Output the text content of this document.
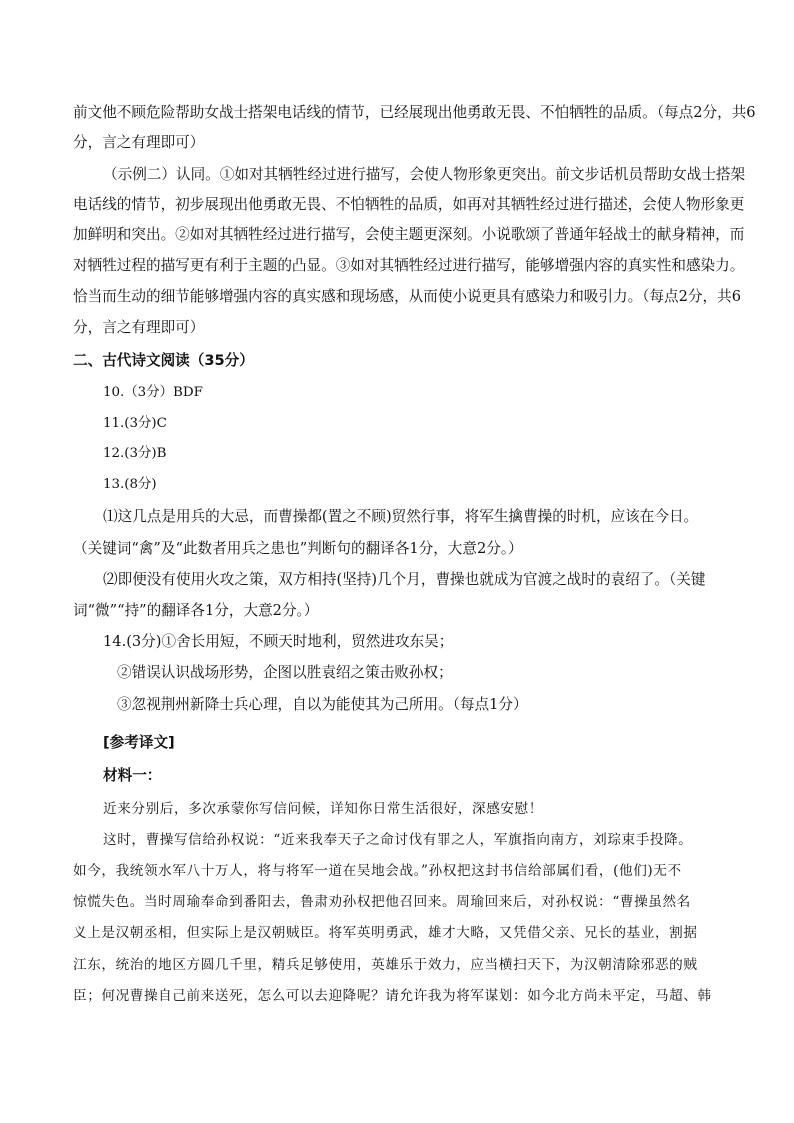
前文他不顾危险帮助女战士搭架电话线的情节，已经展现出他勇敢无畏、不怕牺牲的品质。（每点2分，共6
分，言之有理即可）
（示例二）认同。①如对其牺牲经过进行描写，会使人物形象更突出。前文步话机员帮助女战士搭架
电话线的情节，初步展现出他勇敢无畏、不怕牺牲的品质，如再对其牺牲经过进行描述，会使人物形象更
加鲜明和突出。②如对其牺牲经过进行描写，会使主题更深刻。小说歌颂了普通年轻战士的献身精神，而
对牺牲过程的描写更有利于主题的凸显。③如对其牺牲经过进行描写，能够增强内容的真实性和感染力。
恰当而生动的细节能够增强内容的真实感和现场感，从而使小说更具有感染力和吸引力。（每点2分，共6
分，言之有理即可）
二、古代诗文阅读（35分）
10.（3分）BDF
11.(3分)C
12.(3分)B
13.(8分)
⑴这几点是用兵的大忌，而曹操都(置之不顾)贸然行事，将军生擒曹操的时机，应该在今日。
（关键词“禽”及“此数者用兵之患也”判断句的翻译各1分，大意2分。）
⑵即便没有使用火攻之策，双方相持(坚持)几个月，曹操也就成为官渡之战时的袁绍了。（关键
词“微”“持”的翻译各1分，大意2分。）
14.(3分)①舍长用短，不顾天时地利，贸然进攻东吴；
②错误认识战场形势，企图以胜袁绍之策击败孙权；
③忽视荆州新降士兵心理，自以为能使其为己所用。（每点1分）
[参考译文]
材料一：
近来分别后，多次承蒙你写信问候，详知你日常生活很好，深感安慰！
这时，曹操写信给孙权说：“近来我奉天子之命讨伐有罪之人，军旗指向南方，刘琮束手投降。
如今，我统领水军八十万人，将与将军一道在吴地会战。”孙权把这封书信给部属们看，(他们)无不
惊慌失色。当时周瑜奉命到番阳去，鲁肃劝孙权把他召回来。周瑜回来后，对孙权说：“曹操虽然名
义上是汉朝丞相，但实际上是汉朝贼臣。将军英明勇武，雄才大略，又凭借父亲、兄长的基业，割据
江东，统治的地区方圆几千里，精兵足够使用，英雄乐于效力，应当横扫天下，为汉朝清除邪恶的贼
臣；何况曹操自己前来送死，怎么可以去迎降呢？请允许我为将军谋划：如今北方尚未平定，马超、韩
